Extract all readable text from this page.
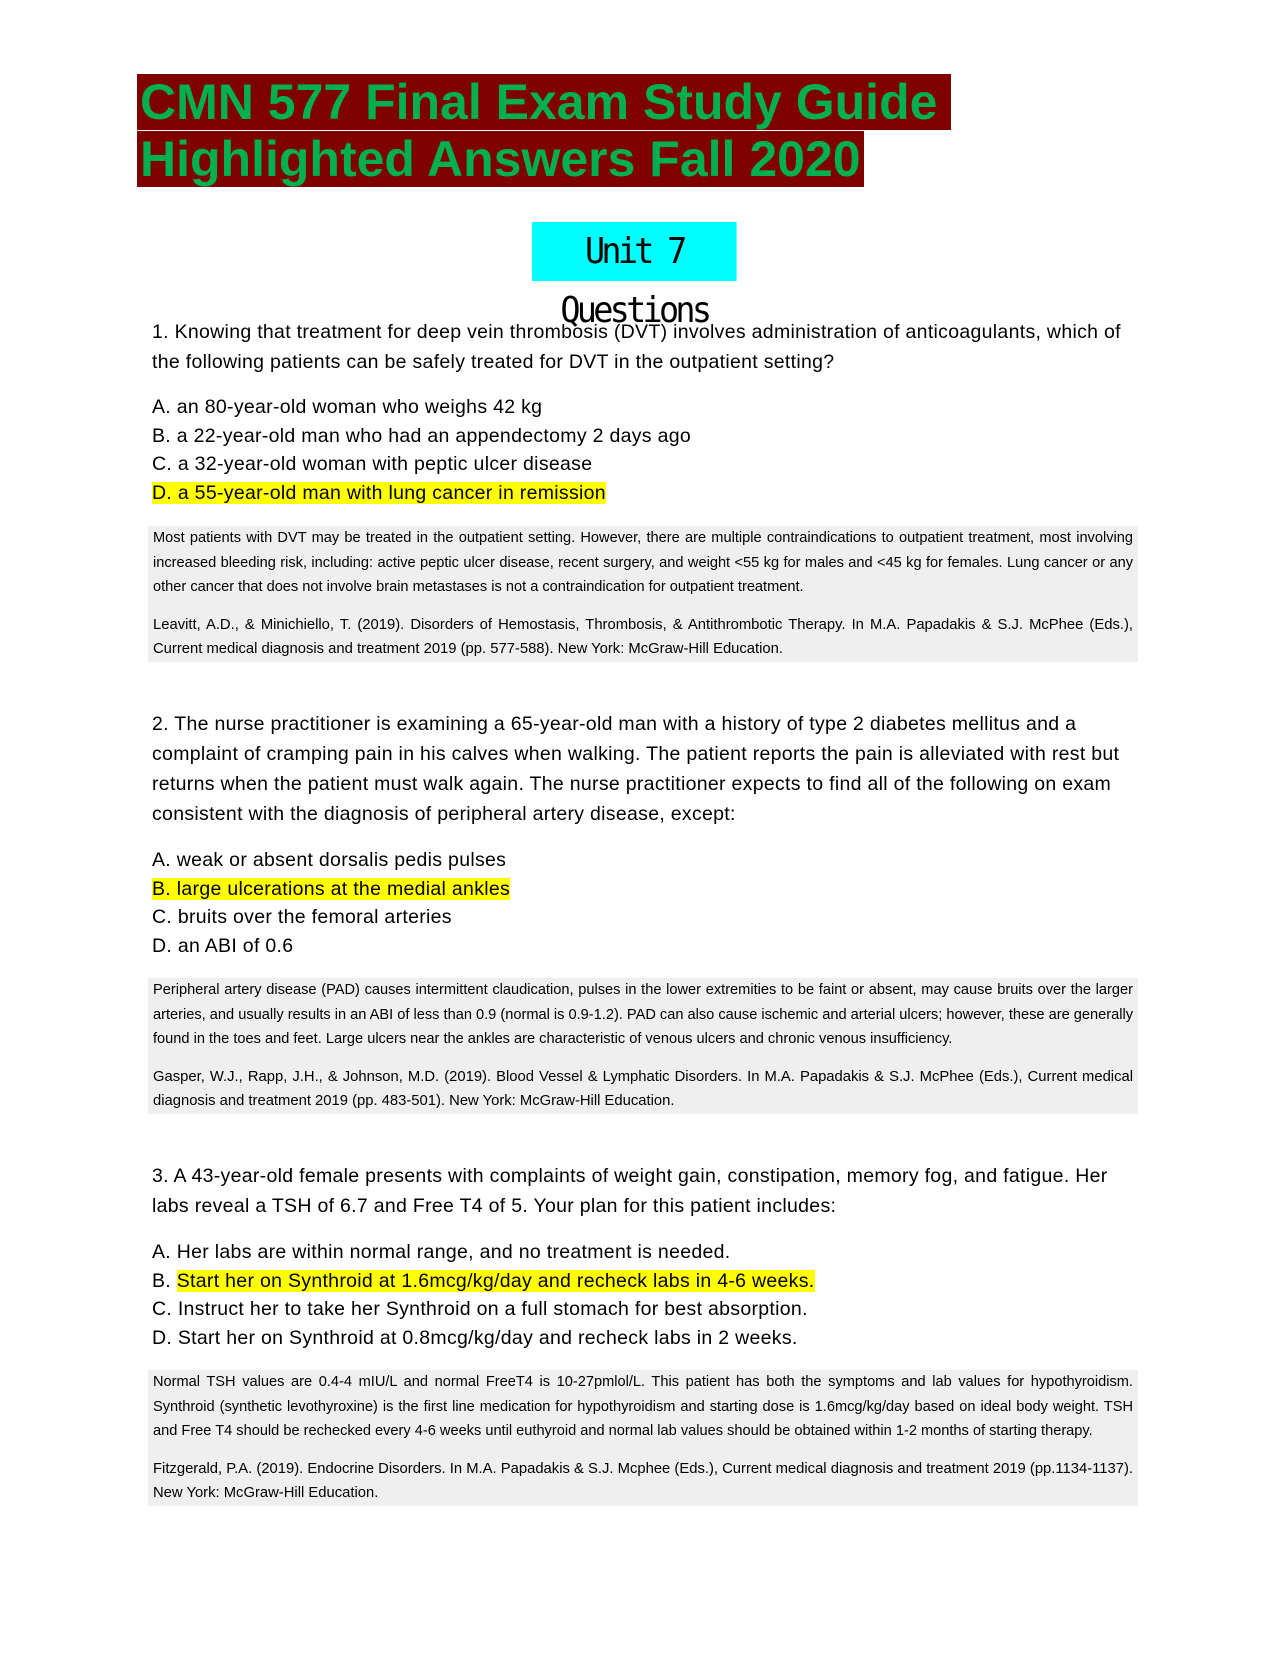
CMN 577 Final Exam Study Guide
Highlighted Answers Fall 2020
Unit 7 Questions
1. Knowing that treatment for deep vein thrombosis (DVT) involves administration of anticoagulants, which of the following patients can be safely treated for DVT in the outpatient setting?
A. an 80-year-old woman who weighs 42 kg
B. a 22-year-old man who had an appendectomy 2 days ago
C. a 32-year-old woman with peptic ulcer disease
D. a 55-year-old man with lung cancer in remission

Most patients with DVT may be treated in the outpatient setting. However, there are multiple contraindications to outpatient treatment, most involving increased bleeding risk, including: active peptic ulcer disease, recent surgery, and weight <55 kg for males and <45 kg for females. Lung cancer or any other cancer that does not involve brain metastases is not a contraindication for outpatient treatment.

Leavitt, A.D., & Minichiello, T. (2019). Disorders of Hemostasis, Thrombosis, & Antithrombotic Therapy. In M.A. Papadakis & S.J. McPhee (Eds.), Current medical diagnosis and treatment 2019 (pp. 577-588). New York: McGraw-Hill Education.

2. The nurse practitioner is examining a 65-year-old man with a history of type 2 diabetes mellitus and a complaint of cramping pain in his calves when walking. The patient reports the pain is alleviated with rest but returns when the patient must walk again. The nurse practitioner expects to find all of the following on exam consistent with the diagnosis of peripheral artery disease, except:
A. weak or absent dorsalis pedis pulses
B. large ulcerations at the medial ankles
C. bruits over the femoral arteries
D. an ABI of 0.6

Peripheral artery disease (PAD) causes intermittent claudication, pulses in the lower extremities to be faint or absent, may cause bruits over the larger arteries, and usually results in an ABI of less than 0.9 (normal is 0.9-1.2). PAD can also cause ischemic and arterial ulcers; however, these are generally found in the toes and feet. Large ulcers near the ankles are characteristic of venous ulcers and chronic venous insufficiency.

Gasper, W.J., Rapp, J.H., & Johnson, M.D. (2019). Blood Vessel & Lymphatic Disorders. In M.A. Papadakis & S.J. McPhee (Eds.), Current medical diagnosis and treatment 2019 (pp. 483-501). New York: McGraw-Hill Education.

3. A 43-year-old female presents with complaints of weight gain, constipation, memory fog, and fatigue. Her labs reveal a TSH of 6.7 and Free T4 of 5. Your plan for this patient includes:
A. Her labs are within normal range, and no treatment is needed.
B. Start her on Synthroid at 1.6mcg/kg/day and recheck labs in 4-6 weeks.
C. Instruct her to take her Synthroid on a full stomach for best absorption.
D. Start her on Synthroid at 0.8mcg/kg/day and recheck labs in 2 weeks.

Normal TSH values are 0.4-4 mIU/L and normal FreeT4 is 10-27pmlol/L. This patient has both the symptoms and lab values for hypothyroidism. Synthroid (synthetic levothyroxine) is the first line medication for hypothyroidism and starting dose is 1.6mcg/kg/day based on ideal body weight. TSH and Free T4 should be rechecked every 4-6 weeks until euthyroid and normal lab values should be obtained within 1-2 months of starting therapy.

Fitzgerald, P.A. (2019). Endocrine Disorders. In M.A. Papadakis & S.J. Mcphee (Eds.), Current medical diagnosis and treatment 2019 (pp.1134-1137). New York: McGraw-Hill Education.
